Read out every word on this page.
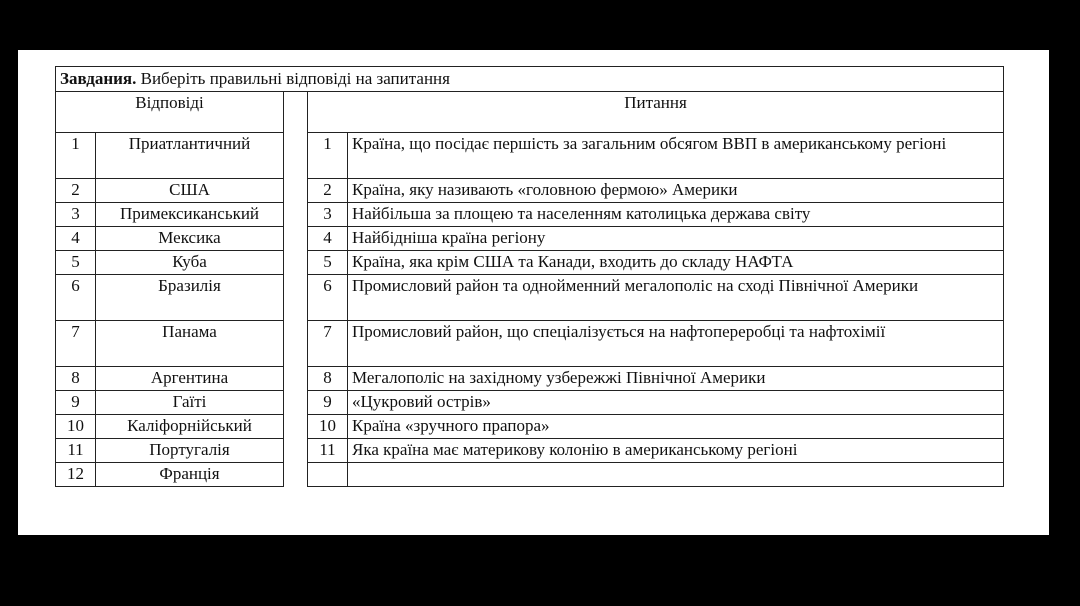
Завдания. Виберіть правильні відповіді на запитання				
Відповіді			Питання	
1	Приатлантичний		1	Країна, що посідає першість за загальним обсягом ВВП в американському регіоні
2	США		2	Країна, яку називають «головною фермою» Америки
3	Примексиканський		3	Найбільша за площею та населенням католицька держава світу
4	Мексика		4	Найбідніша країна регіону
5	Куба		5	Країна, яка крім США та Канади, входить до складу НАФТА
6	Бразилія		6	Промисловий район та однойменний мегалополіс на сході Північної Америки
7	Панама		7	Промисловий район, що спеціалізується на нафтопереробці та нафтохімії
8	Аргентина		8	Мегалополіс на західному узбережжі Північної Америки
9	Гаїті		9	«Цукровий острів»
10	Каліфорнійський		10	Країна «зручного прапора»
11	Португалія		11	Яка країна має материкову колонію в американському регіоні
12	Франція			
